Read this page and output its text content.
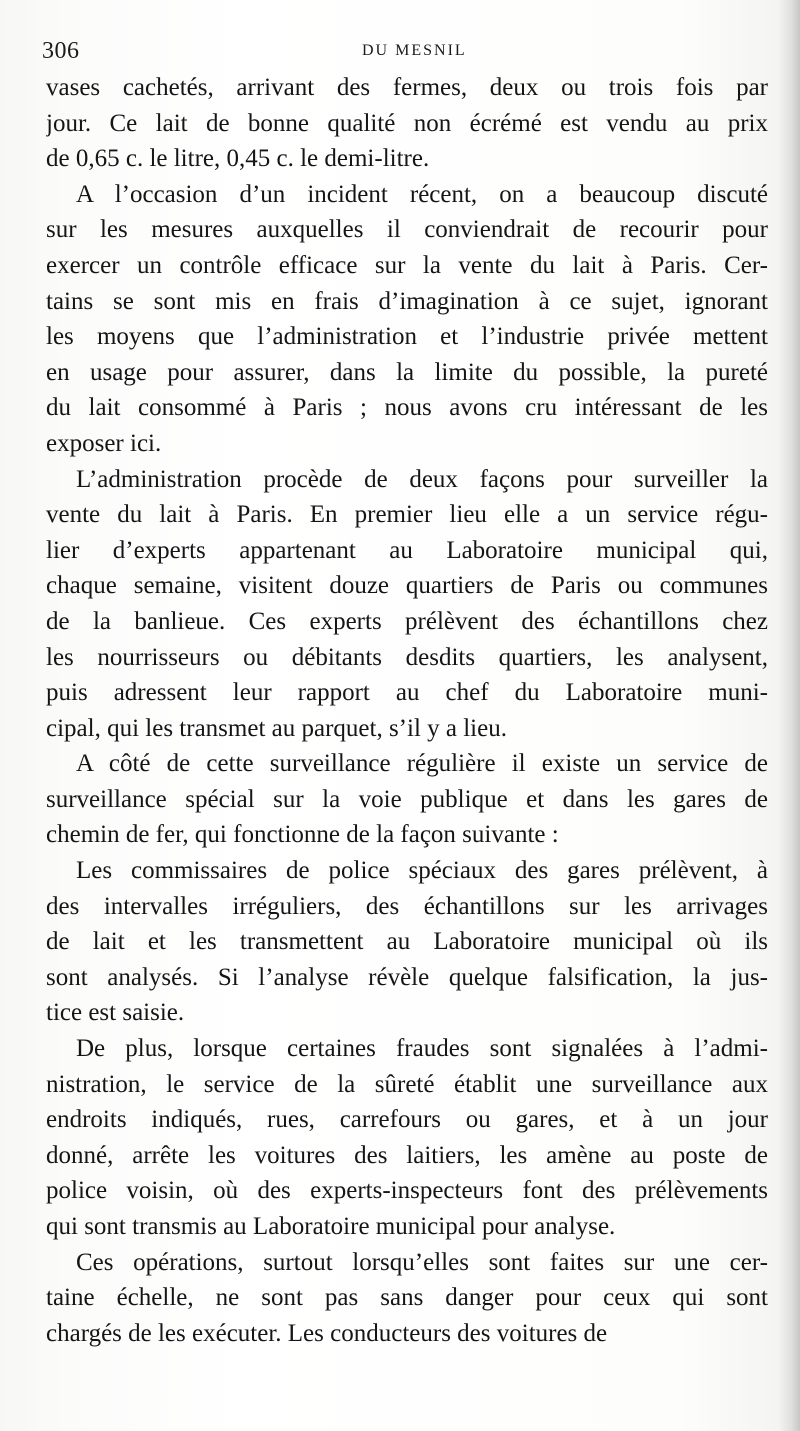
306	DU MESNIL
vases cachetés, arrivant des fermes, deux ou trois fois par
jour. Ce lait de bonne qualité non écrémé est vendu au prix
de 0,65 c. le litre, 0,45 c. le demi-litre.
A l’occasion d’un incident récent, on a beaucoup discuté
sur les mesures auxquelles il conviendrait de recourir pour
exercer un contrôle efficace sur la vente du lait à Paris. Cer-
tains se sont mis en frais d’imagination à ce sujet, ignorant
les moyens que l’administration et l’industrie privée mettent
en usage pour assurer, dans la limite du possible, la pureté
du lait consommé à Paris ; nous avons cru intéressant de les
exposer ici.
L’administration procède de deux façons pour surveiller la
vente du lait à Paris. En premier lieu elle a un service régu-
lier d’experts appartenant au Laboratoire municipal qui,
chaque semaine, visitent douze quartiers de Paris ou communes
de la banlieue. Ces experts prélèvent des échantillons chez
les nourrisseurs ou débitants desdits quartiers, les analysent,
puis adressent leur rapport au chef du Laboratoire muni-
cipal, qui les transmet au parquet, s’il y a lieu.
A côté de cette surveillance régulière il existe un service de
surveillance spécial sur la voie publique et dans les gares de
chemin de fer, qui fonctionne de la façon suivante :
Les commissaires de police spéciaux des gares prélèvent, à
des intervalles irréguliers, des échantillons sur les arrivages
de lait et les transmettent au Laboratoire municipal où ils
sont analysés. Si l’analyse révèle quelque falsification, la jus-
tice est saisie.
De plus, lorsque certaines fraudes sont signalées à l’admi-
nistration, le service de la sûreté établit une surveillance aux
endroits indiqués, rues, carrefours ou gares, et à un jour
donné, arrête les voitures des laitiers, les amène au poste de
police voisin, où des experts-inspecteurs font des prélèvements
qui sont transmis au Laboratoire municipal pour analyse.
Ces opérations, surtout lorsqu’elles sont faites sur une cer-
taine échelle, ne sont pas sans danger pour ceux qui sont
chargés de les exécuter. Les conducteurs des voitures de
